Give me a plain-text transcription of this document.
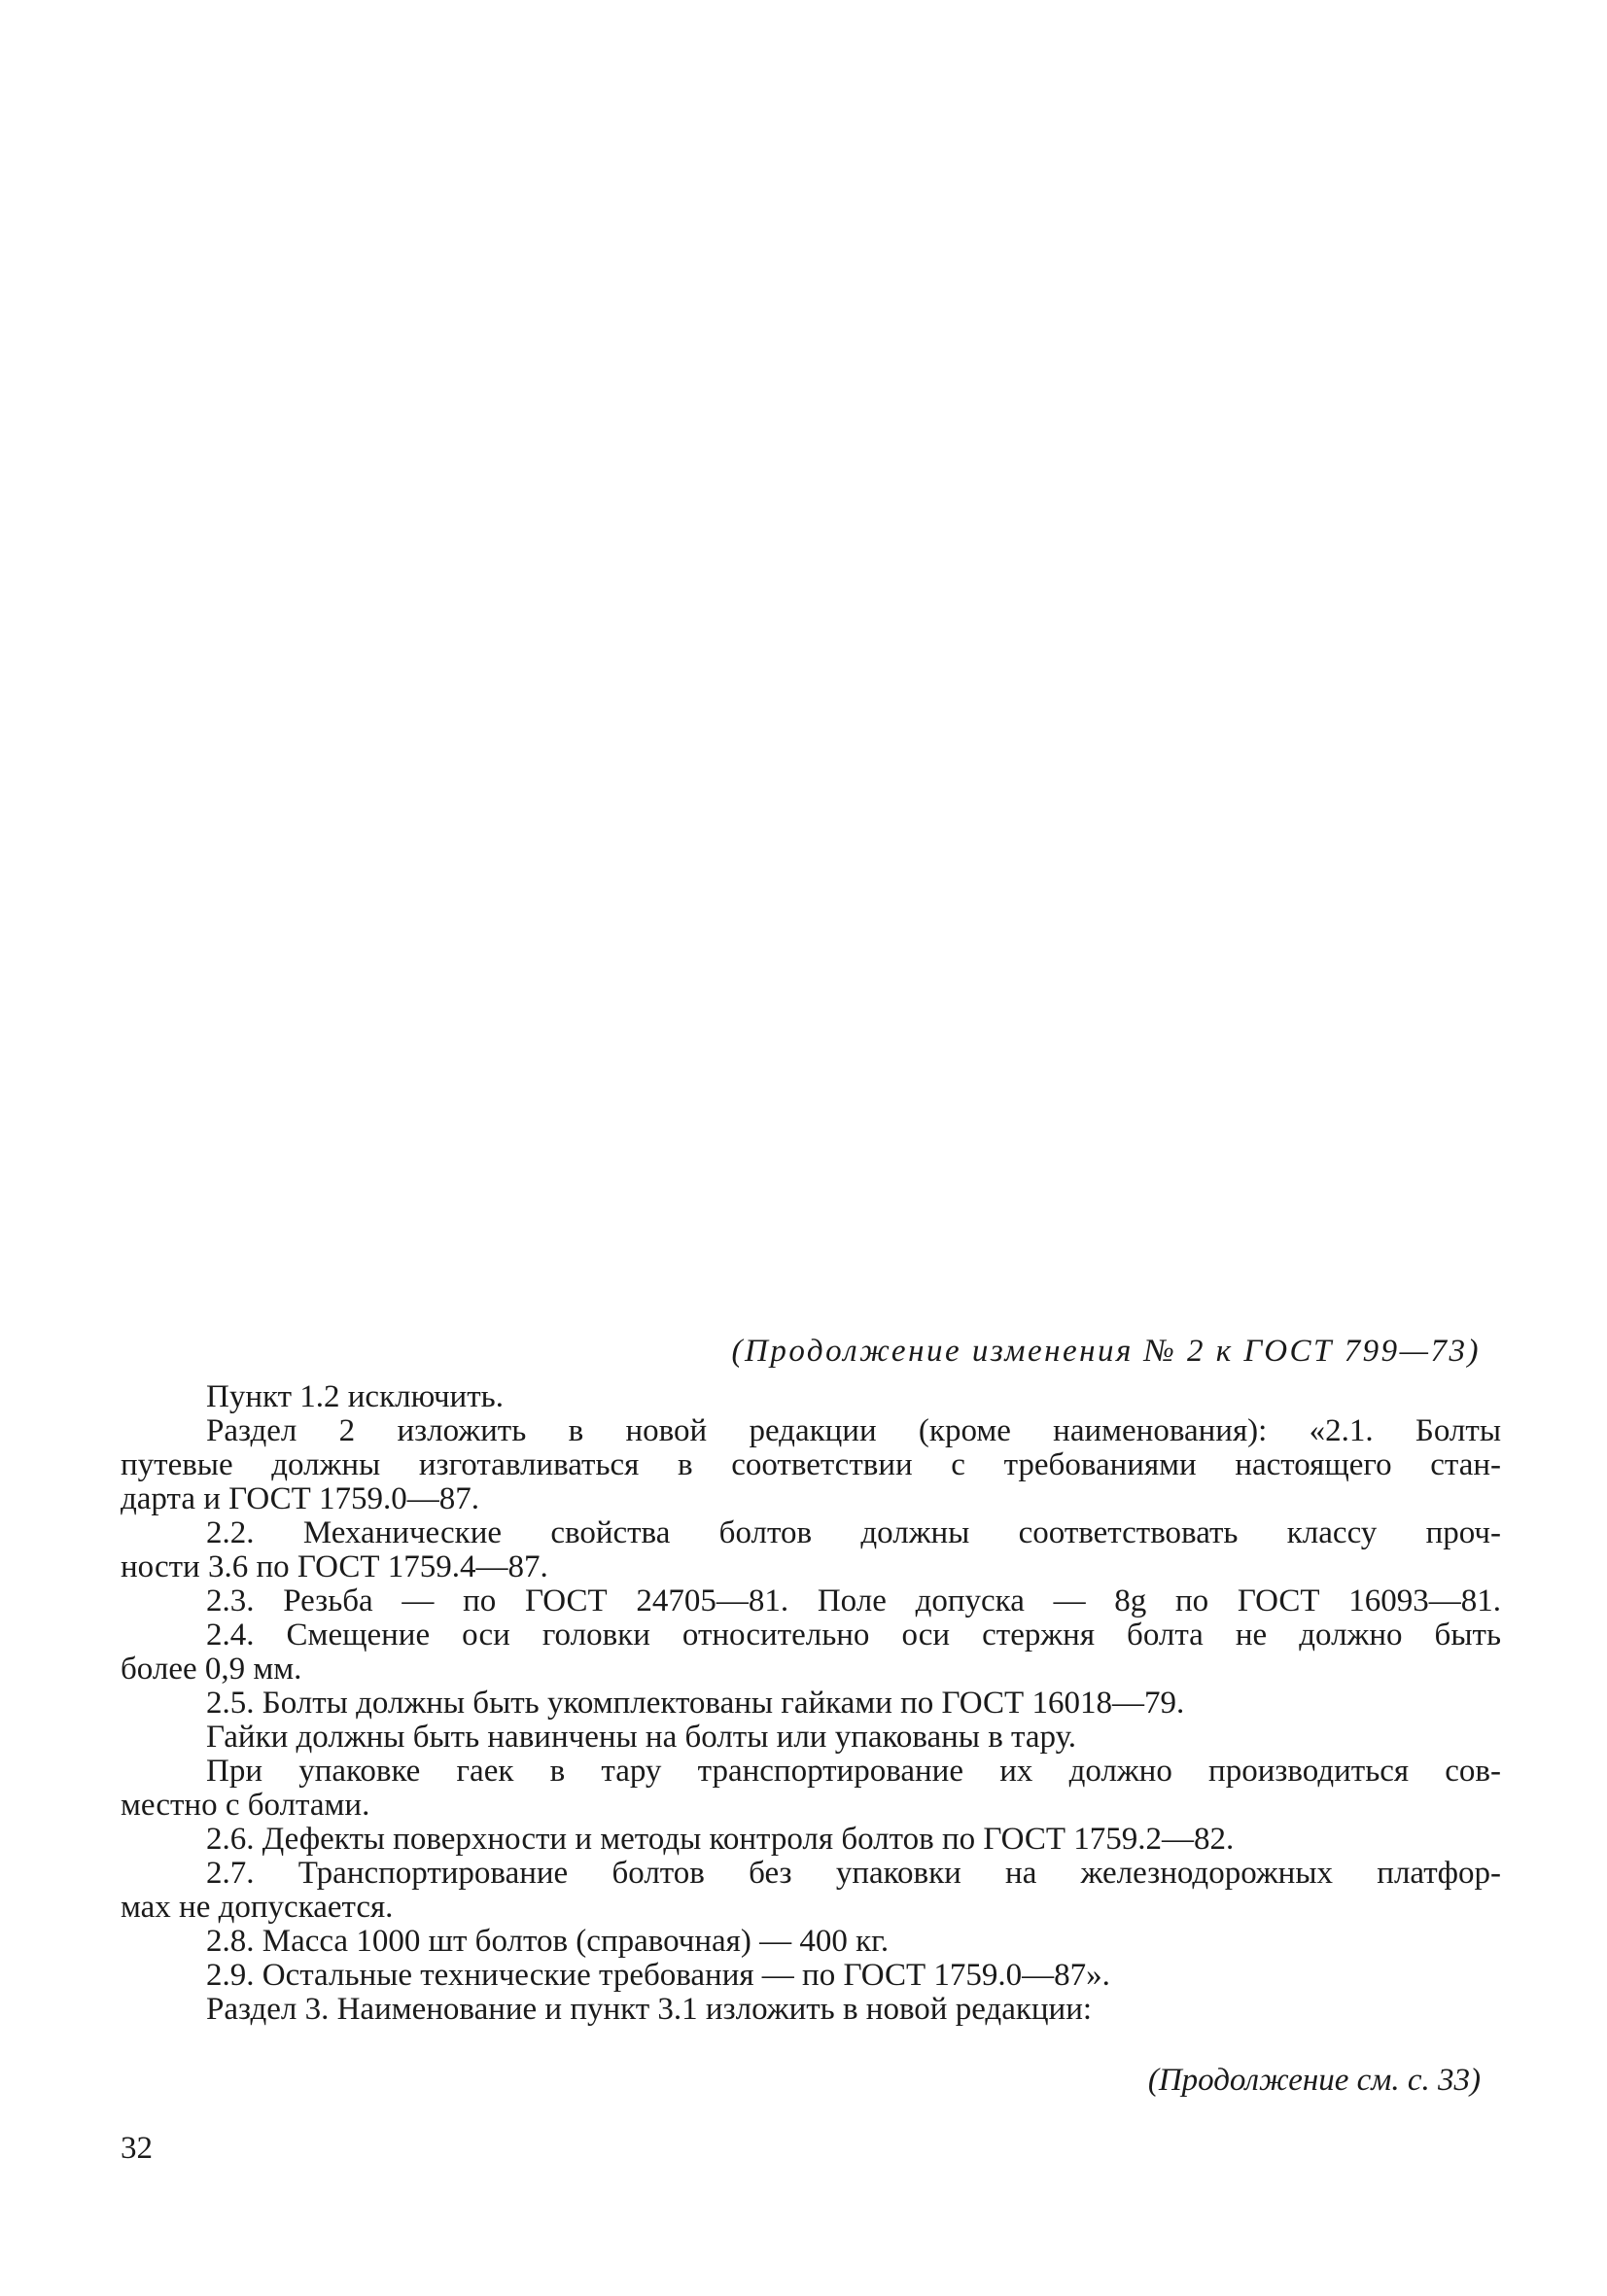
(Продолжение изменения № 2 к ГОСТ 799—73)
Пункт 1.2 исключить.
Раздел 2 изложить в новой редакции (кроме наименования): «2.1. Болты
путевые должны изготавливаться в соответствии с требованиями настоящего стан-
дарта и ГОСТ 1759.0—87.
2.2. Механические свойства болтов должны соответствовать классу проч-
ности 3.6 по ГОСТ 1759.4—87.
2.3. Резьба — по ГОСТ 24705—81. Поле допуска — 8g по ГОСТ 16093—81.
2.4. Смещение оси головки относительно оси стержня болта не должно быть
более 0,9 мм.
2.5. Болты должны быть укомплектованы гайками по ГОСТ 16018—79.
Гайки должны быть навинчены на болты или упакованы в тару.
При упаковке гаек в тару транспортирование их должно производиться сов-
местно с болтами.
2.6. Дефекты поверхности и методы контроля болтов по ГОСТ 1759.2—82.
2.7. Транспортирование болтов без упаковки на железнодорожных платфор-
мах не допускается.
2.8. Масса 1000 шт болтов (справочная) — 400 кг.
2.9. Остальные технические требования — по ГОСТ 1759.0—87».
Раздел 3. Наименование и пункт 3.1 изложить в новой редакции:
(Продолжение см. с. 33)
32
